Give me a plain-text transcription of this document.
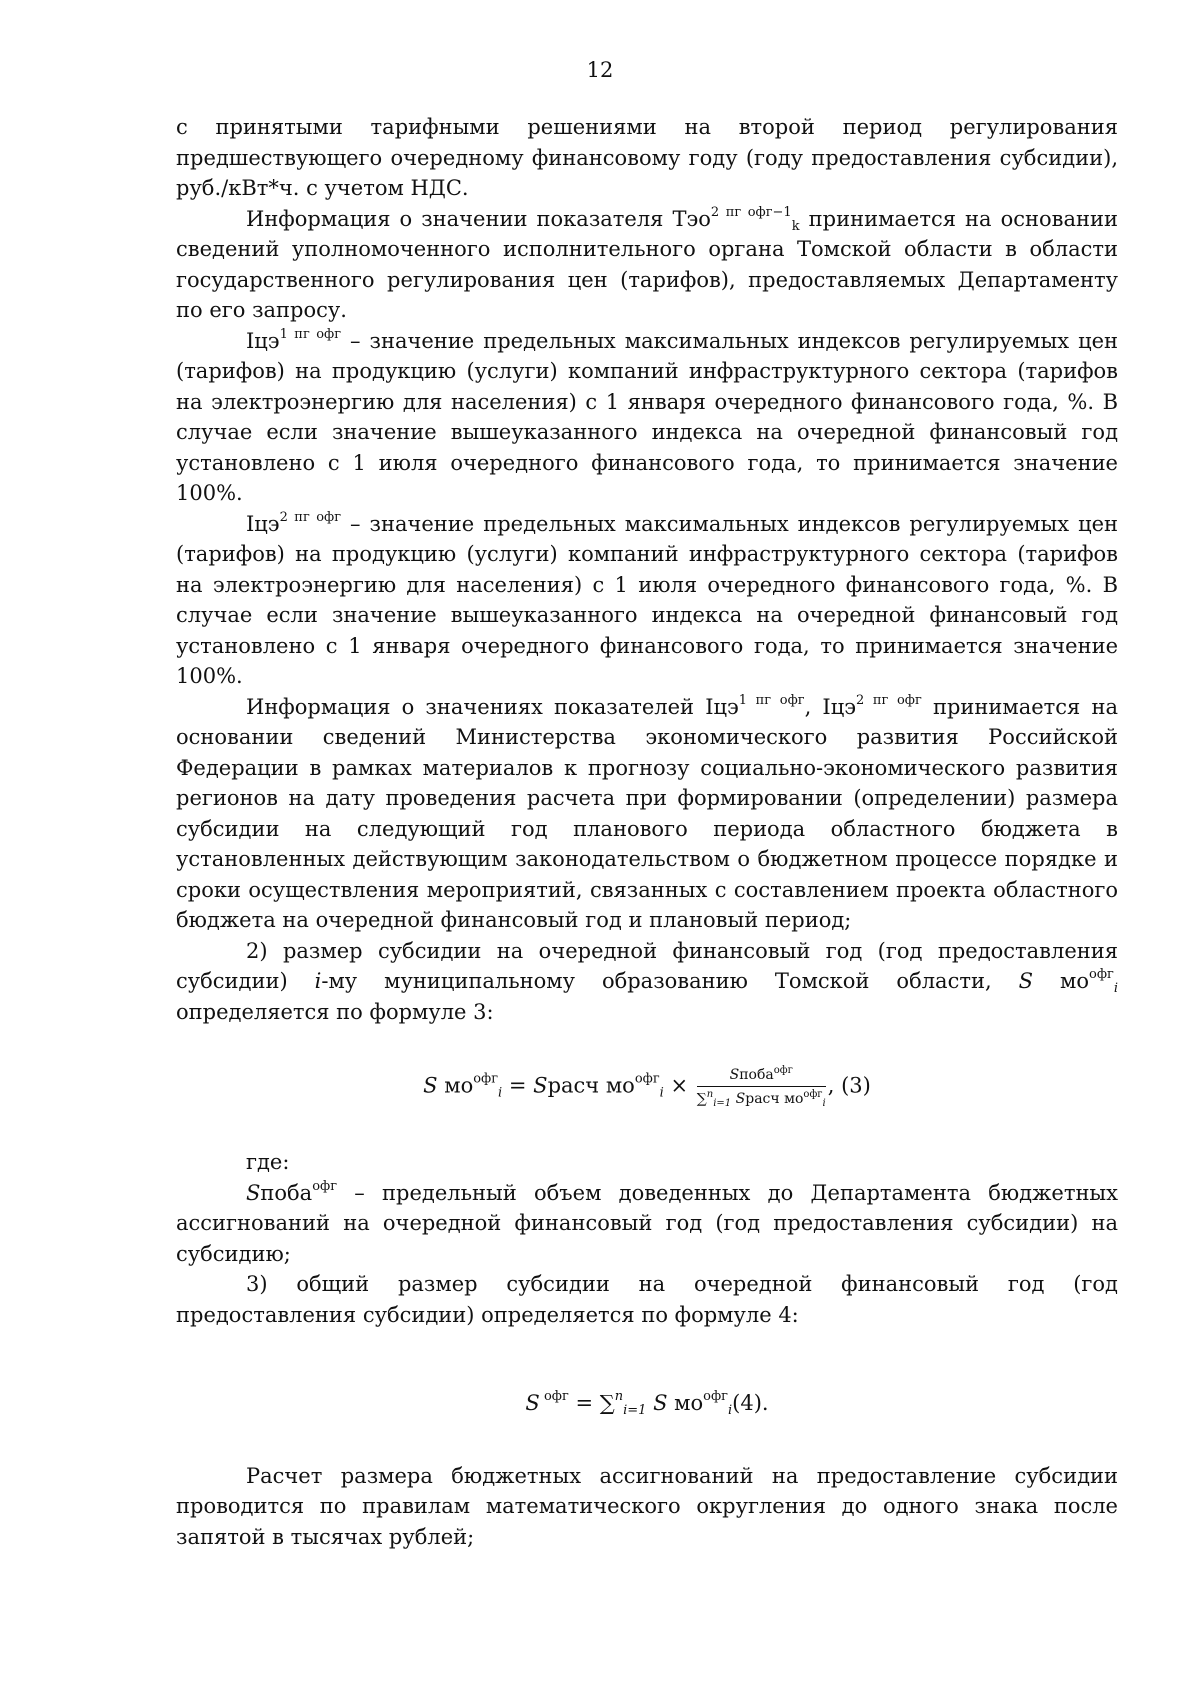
12

с принятыми тарифными решениями на второй период регулирования предшествующего очередному финансовому году (году предоставления субсидии), руб./кВт*ч. с учетом НДС.

Информация о значении показателя Тэо$^{2 пг офг-1}_k$ принимается на основании сведений уполномоченного исполнительного органа Томской области в области государственного регулирования цен (тарифов), предоставляемых Департаменту по его запросу.

Iцэ$^{1 пг офг}$ – значение предельных максимальных индексов регулируемых цен (тарифов) на продукцию (услуги) компаний инфраструктурного сектора (тарифов на электроэнергию для населения) с 1 января очередного финансового года, %. В случае если значение вышеуказанного индекса на очередной финансовый год установлено с 1 июля очередного финансового года, то принимается значение 100%.

Iцэ$^{2 пг офг}$ – значение предельных максимальных индексов регулируемых цен (тарифов) на продукцию (услуги) компаний инфраструктурного сектора (тарифов на электроэнергию для населения) с 1 июля очередного финансового года, %. В случае если значение вышеуказанного индекса на очередной финансовый год установлено с 1 января очередного финансового года, то принимается значение 100%.

Информация о значениях показателей Iцэ$^{1 пг офг}$, Iцэ$^{2 пг офг}$ принимается на основании сведений Министерства экономического развития Российской Федерации в рамках материалов к прогнозу социально-экономического развития регионов на дату проведения расчета при формировании (определении) размера субсидии на следующий год планового периода областного бюджета в установленных действующим законодательством о бюджетном процессе порядке и сроки осуществления мероприятий, связанных с составлением проекта областного бюджета на очередной финансовый год и плановый период;

2) размер субсидии на очередной финансовый год (год предоставления субсидии) i-му муниципальному образованию Томской области, S $мо^{офг}_i$ определяется по формуле 3:

S $мо^{офг}_i$ = Sрасч $мо^{офг}_i \times \frac{Sпоба^{офг}}{\sum^n_{i=1} Sрасч мо^{офг}_i}$ , (3)

где:

Sпоба$^{офг}$ – предельный объем доведенных до Департамента бюджетных ассигнований на очередной финансовый год (год предоставления субсидии) на субсидию;

3) общий размер субсидии на очередной финансовый год (год предоставления субсидии) определяется по формуле 4:

S $^{офг}$ = ∑$^n_{i=1}$ S $мо^{офг}_i(4)$.

Расчет размера бюджетных ассигнований на предоставление субсидии проводится по правилам математического округления до одного знака после запятой в тысячах рублей;
